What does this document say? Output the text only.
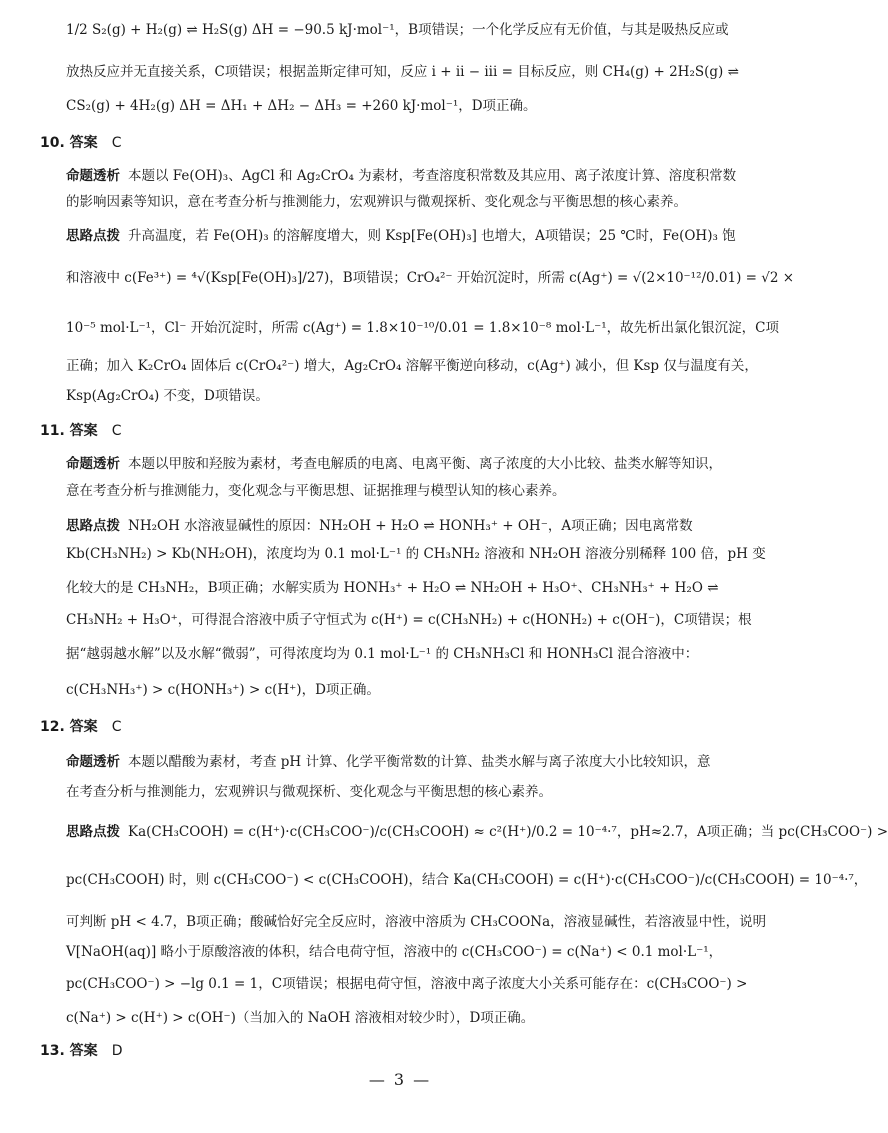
1/2 S₂(g) + H₂(g) ⇌ H₂S(g) ΔH = −90.5 kJ·mol⁻¹，B项错误；一个化学反应有无价值，与其是吸热反应或
放热反应并无直接关系，C项错误；根据盖斯定律可知，反应 i + ii − iii = 目标反应，则 CH₄(g) + 2H₂S(g) ⇌
CS₂(g) + 4H₂(g) ΔH = ΔH₁ + ΔH₂ − ΔH₃ = +260 kJ·mol⁻¹，D项正确。
10. 答案 C
命题透析 本题以 Fe(OH)₃、AgCl 和 Ag₂CrO₄ 为素材，考查溶度积常数及其应用、离子浓度计算、溶度积常数
的影响因素等知识，意在考查分析与推测能力，宏观辨识与微观探析、变化观念与平衡思想的核心素养。
思路点拨 升高温度，若 Fe(OH)₃ 的溶解度增大，则 Ksp[Fe(OH)₃] 也增大，A项错误；25 ℃时，Fe(OH)₃ 饱
和溶液中 c(Fe³⁺) = ⁴√(Ksp[Fe(OH)₃]/27)，B项错误；CrO₄²⁻ 开始沉淀时，所需 c(Ag⁺) = √(2×10⁻¹²/0.01) = √2 ×
10⁻⁵ mol·L⁻¹，Cl⁻ 开始沉淀时，所需 c(Ag⁺) = 1.8×10⁻¹⁰/0.01 = 1.8×10⁻⁸ mol·L⁻¹，故先析出氯化银沉淀，C项
正确；加入 K₂CrO₄ 固体后 c(CrO₄²⁻) 增大，Ag₂CrO₄ 溶解平衡逆向移动，c(Ag⁺) 减小，但 Ksp 仅与温度有关，
Ksp(Ag₂CrO₄) 不变，D项错误。
11. 答案 C
命题透析 本题以甲胺和羟胺为素材，考查电解质的电离、电离平衡、离子浓度的大小比较、盐类水解等知识，
意在考查分析与推测能力，变化观念与平衡思想、证据推理与模型认知的核心素养。
思路点拨 NH₂OH 水溶液显碱性的原因：NH₂OH + H₂O ⇌ HONH₃⁺ + OH⁻，A项正确；因电离常数
Kb(CH₃NH₂) > Kb(NH₂OH)，浓度均为 0.1 mol·L⁻¹ 的 CH₃NH₂ 溶液和 NH₂OH 溶液分别稀释 100 倍，pH 变
化较大的是 CH₃NH₂，B项正确；水解实质为 HONH₃⁺ + H₂O ⇌ NH₂OH + H₃O⁺、CH₃NH₃⁺ + H₂O ⇌
CH₃NH₂ + H₃O⁺，可得混合溶液中质子守恒式为 c(H⁺) = c(CH₃NH₂) + c(HONH₂) + c(OH⁻)，C项错误；根
据“越弱越水解”以及水解“微弱”，可得浓度均为 0.1 mol·L⁻¹ 的 CH₃NH₃Cl 和 HONH₃Cl 混合溶液中：
c(CH₃NH₃⁺) > c(HONH₃⁺) > c(H⁺)，D项正确。
12. 答案 C
命题透析 本题以醋酸为素材，考查 pH 计算、化学平衡常数的计算、盐类水解与离子浓度大小比较知识，意
在考查分析与推测能力，宏观辨识与微观探析、变化观念与平衡思想的核心素养。
思路点拨 Ka(CH₃COOH) = c(H⁺)·c(CH₃COO⁻)/c(CH₃COOH) ≈ c²(H⁺)/0.2 = 10⁻⁴·⁷，pH≈2.7，A项正确；当 pc(CH₃COO⁻) >
pc(CH₃COOH) 时，则 c(CH₃COO⁻) < c(CH₃COOH)，结合 Ka(CH₃COOH) = c(H⁺)·c(CH₃COO⁻)/c(CH₃COOH) = 10⁻⁴·⁷，
可判断 pH < 4.7，B项正确；酸碱恰好完全反应时，溶液中溶质为 CH₃COONa，溶液显碱性，若溶液显中性，说明
V[NaOH(aq)] 略小于原酸溶液的体积，结合电荷守恒，溶液中的 c(CH₃COO⁻) = c(Na⁺) < 0.1 mol·L⁻¹，
pc(CH₃COO⁻) > −lg 0.1 = 1，C项错误；根据电荷守恒，溶液中离子浓度大小关系可能存在：c(CH₃COO⁻) >
c(Na⁺) > c(H⁺) > c(OH⁻)（当加入的 NaOH 溶液相对较少时），D项正确。
13. 答案 D
— 3 —
